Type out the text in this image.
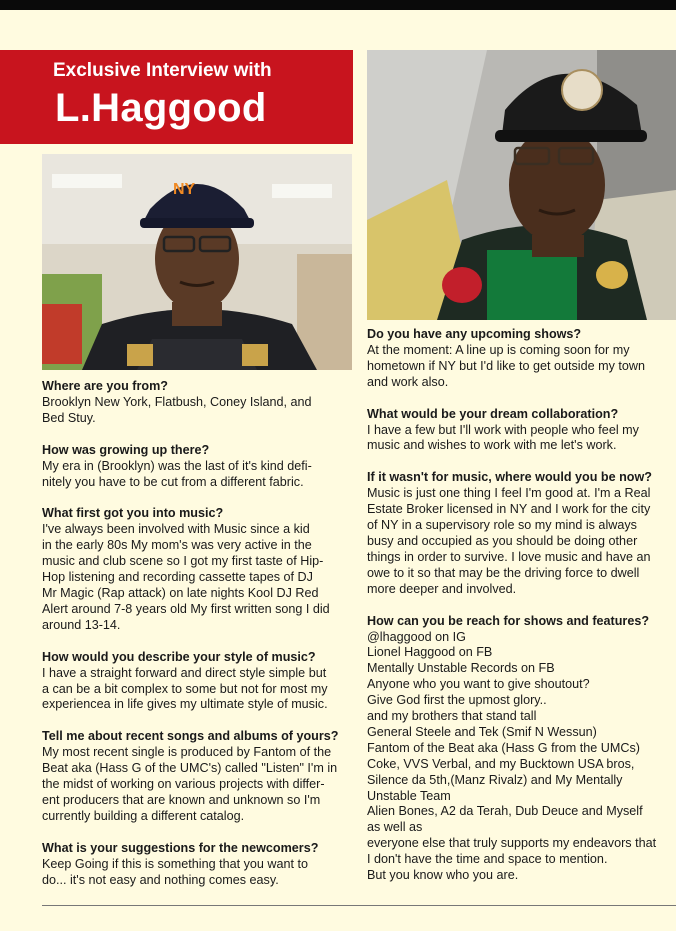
Exclusive Interview with
L.Haggood
NY
Where are you from?
Brooklyn New York, Flatbush, Coney Island, and
Bed Stuy.
How was growing up there?
My era in (Brooklyn) was the last of it's kind defi-
nitely you have to be cut from a different fabric.
What first got you into music?
I've always been involved with Music since a kid
in the early 80s My mom's was very active in the
music and club scene so I got my first taste of Hip-
Hop listening and recording cassette tapes of DJ
Mr Magic (Rap attack) on late nights Kool DJ Red
Alert around 7-8 years old My first written song I did
around 13-14.
How would you describe your style of music?
I have a straight forward and direct style simple but
a can be a bit complex to some but not for most my
experiencea in life gives my ultimate style of music.
Tell me about recent songs and albums of yours?
My most recent single is produced by Fantom of the
Beat aka (Hass G of the UMC's) called "Listen" I'm in
the midst of working on various projects with differ-
ent producers that are known and unknown so I'm
currently building a different catalog.
What is your suggestions for the newcomers?
Keep Going if this is something that you want to
do... it's not easy and nothing comes easy.
Do you have any upcoming shows?
At the moment: A line up is coming soon for my
hometown if NY but I'd like to get outside my town
and work also.
What would be your dream collaboration?
I have a few but I'll work with people who feel my
music and wishes to work with me let's work.
If it wasn't for music, where would you be now?
Music is just one thing I feel I'm good at. I'm a Real
Estate Broker licensed in NY and I work for the city
of NY in a supervisory role so my mind is always
busy and occupied as you should be doing other
things in order to survive. I love music and have an
owe to it so that may be the driving force to dwell
more deeper and involved.
How can you be reach for shows and features?
@lhaggood on IG
Lionel Haggood on FB
Mentally Unstable Records on FB
Anyone who you want to give shoutout?
Give God first the upmost glory..
and my brothers that stand tall
General Steele and Tek (Smif N Wessun)
Fantom of the Beat aka (Hass G from the UMCs)
Coke, VVS Verbal, and my Bucktown USA bros,
Silence da 5th,(Manz Rivalz) and My Mentally
Unstable Team
Alien Bones, A2 da Terah, Dub Deuce and Myself
as well as
everyone else that truly supports my endeavors that
I don't have the time and space to mention.
But you know who you are.
